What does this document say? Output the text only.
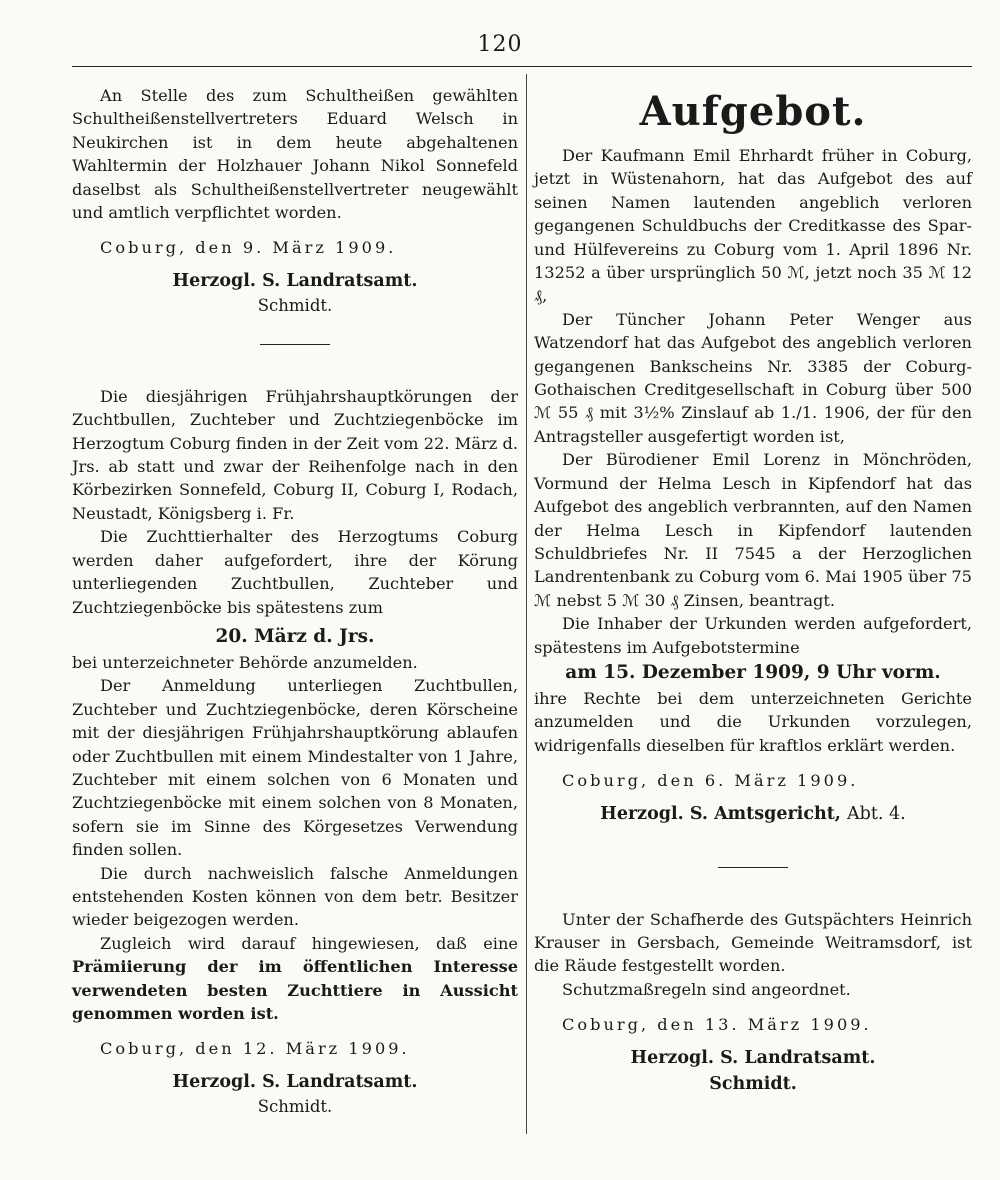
120

An Stelle des zum Schultheißen gewählten Schultheißenstellvertreters Eduard Welsch in Neukirchen ist in dem heute abgehaltenen Wahltermin der Holzhauer Johann Nikol Sonnefeld daselbst als Schultheißenstellvertreter neugewählt und amtlich verpflichtet worden.

Coburg, den 9. März 1909.

Herzogl. S. Landratsamt.
Schmidt.

Die diesjährigen Frühjahrshauptkörungen der Zuchtbullen, Zuchteber und Zuchtziegenböcke im Herzogtum Coburg finden in der Zeit vom 22. März d. Jrs. ab statt und zwar der Reihenfolge nach in den Körbezirken Sonnefeld, Coburg II, Coburg I, Rodach, Neustadt, Königsberg i. Fr.

Die Zuchttierhalter des Herzogtums Coburg werden daher aufgefordert, ihre der Körung unterliegenden Zuchtbullen, Zuchteber und Zuchtziegenböcke bis spätestens zum

20. März d. Jrs.

bei unterzeichneter Behörde anzumelden.

Der Anmeldung unterliegen Zuchtbullen, Zuchteber und Zuchtziegenböcke, deren Körscheine mit der diesjährigen Frühjahrshauptkörung ablaufen oder Zuchtbullen mit einem Mindestalter von 1 Jahre, Zuchteber mit einem solchen von 6 Monaten und Zuchtziegenböcke mit einem solchen von 8 Monaten, sofern sie im Sinne des Körgesetzes Verwendung finden sollen.

Die durch nachweislich falsche Anmeldungen entstehenden Kosten können von dem betr. Besitzer wieder beigezogen werden.

Zugleich wird darauf hingewiesen, daß eine Prämiierung der im öffentlichen Interesse verwendeten besten Zuchttiere in Aussicht genommen worden ist.

Coburg, den 12. März 1909.

Herzogl. S. Landratsamt.
Schmidt.
Aufgebot.

Der Kaufmann Emil Ehrhardt früher in Coburg, jetzt in Wüstenahorn, hat das Aufgebot des auf seinen Namen lautenden angeblich verloren gegangenen Schuldbuchs der Creditkasse des Spar- und Hülfevereins zu Coburg vom 1. April 1896 Nr. 13252 a über ursprünglich 50 ℳ, jetzt noch 35 ℳ 12 ₰,

Der Tüncher Johann Peter Wenger aus Watzendorf hat das Aufgebot des angeblich verloren gegangenen Bankscheins Nr. 3385 der Coburg-Gothaischen Creditgesellschaft in Coburg über 500 ℳ 55 ₰ mit 3½% Zinslauf ab 1./1. 1906, der für den Antragsteller ausgefertigt worden ist,

Der Bürodiener Emil Lorenz in Mönchröden, Vormund der Helma Lesch in Kipfendorf hat das Aufgebot des angeblich verbrannten, auf den Namen der Helma Lesch in Kipfendorf lautenden Schuldbriefes Nr. II 7545 a der Herzoglichen Landrentenbank zu Coburg vom 6. Mai 1905 über 75 ℳ nebst 5 ℳ 30 ₰ Zinsen, beantragt.

Die Inhaber der Urkunden werden aufgefordert, spätestens im Aufgebotstermine

am 15. Dezember 1909, 9 Uhr vorm.

ihre Rechte bei dem unterzeichneten Gerichte anzumelden und die Urkunden vorzulegen, widrigenfalls dieselben für kraftlos erklärt werden.

Coburg, den 6. März 1909.

Herzogl. S. Amtsgericht, Abt. 4.

Unter der Schafherde des Gutspächters Heinrich Krauser in Gersbach, Gemeinde Weitramsdorf, ist die Räude festgestellt worden.

Schutzmaßregeln sind angeordnet.

Coburg, den 13. März 1909.

Herzogl. S. Landratsamt.
Schmidt.
